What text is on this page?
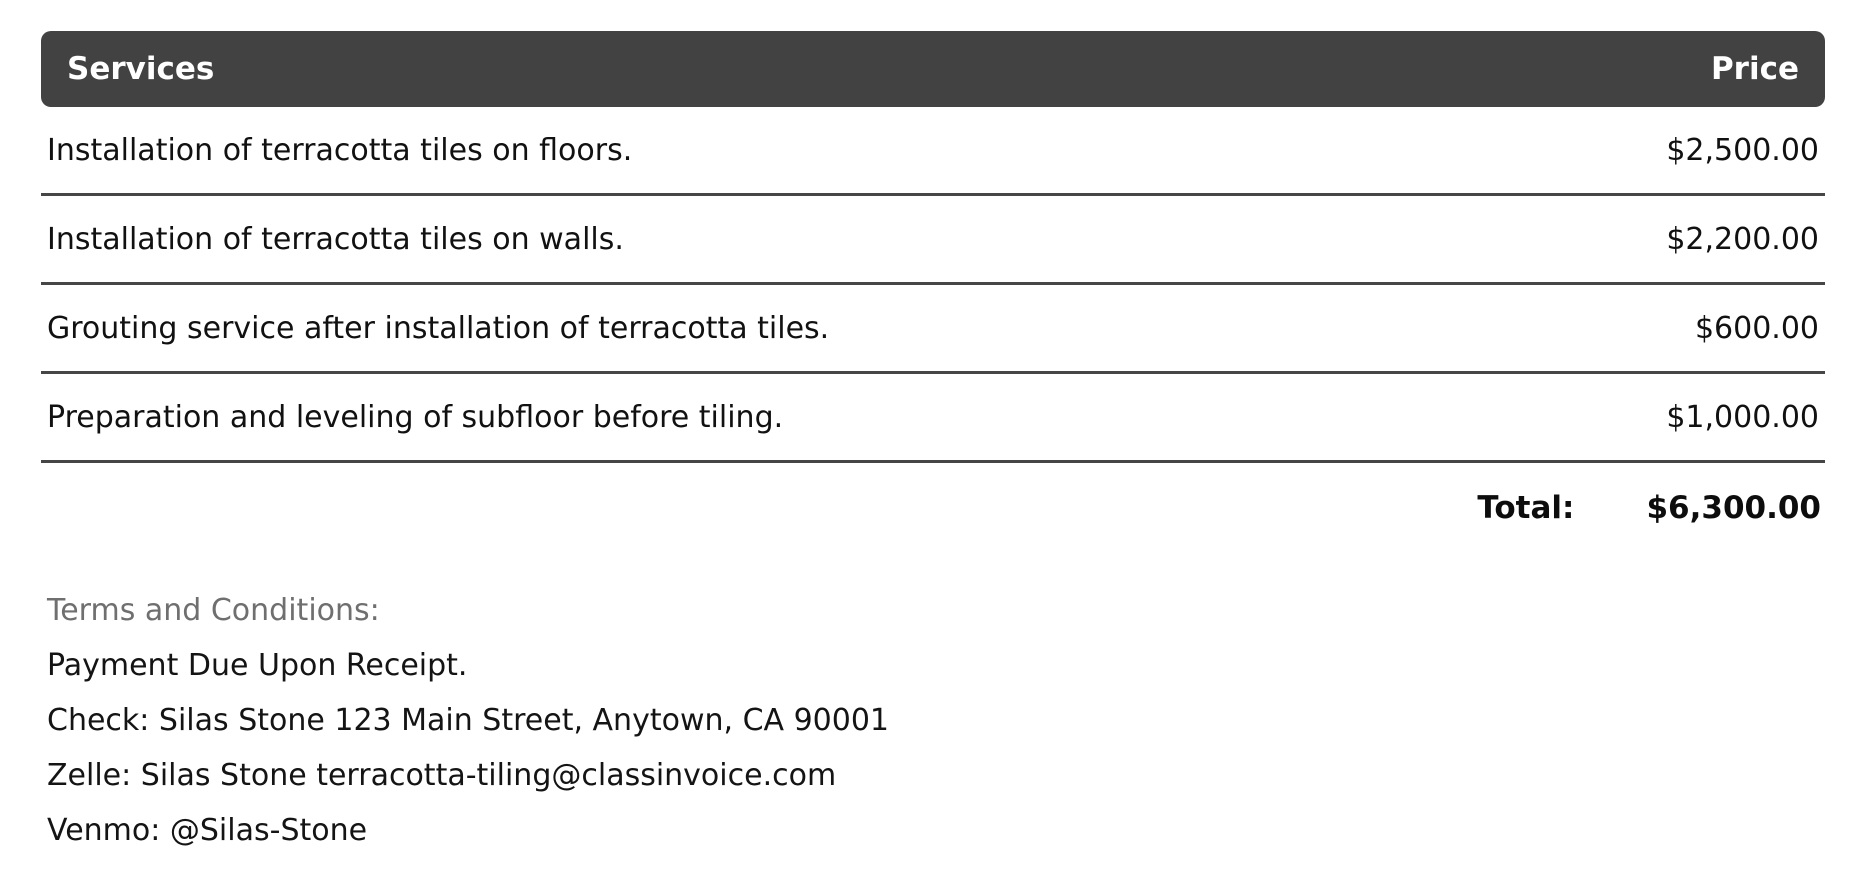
Services	Price
Installation of terracotta tiles on floors.	$2,500.00
Installation of terracotta tiles on walls.	$2,200.00
Grouting service after installation of terracotta tiles.	$600.00
Preparation and leveling of subfloor before tiling.	$1,000.00
Total: $6,300.00

Terms and Conditions:

Payment Due Upon Receipt.

Check: Silas Stone 123 Main Street, Anytown, CA 90001

Zelle: Silas Stone terracotta-tiling@classinvoice.com

Venmo: @Silas-Stone
